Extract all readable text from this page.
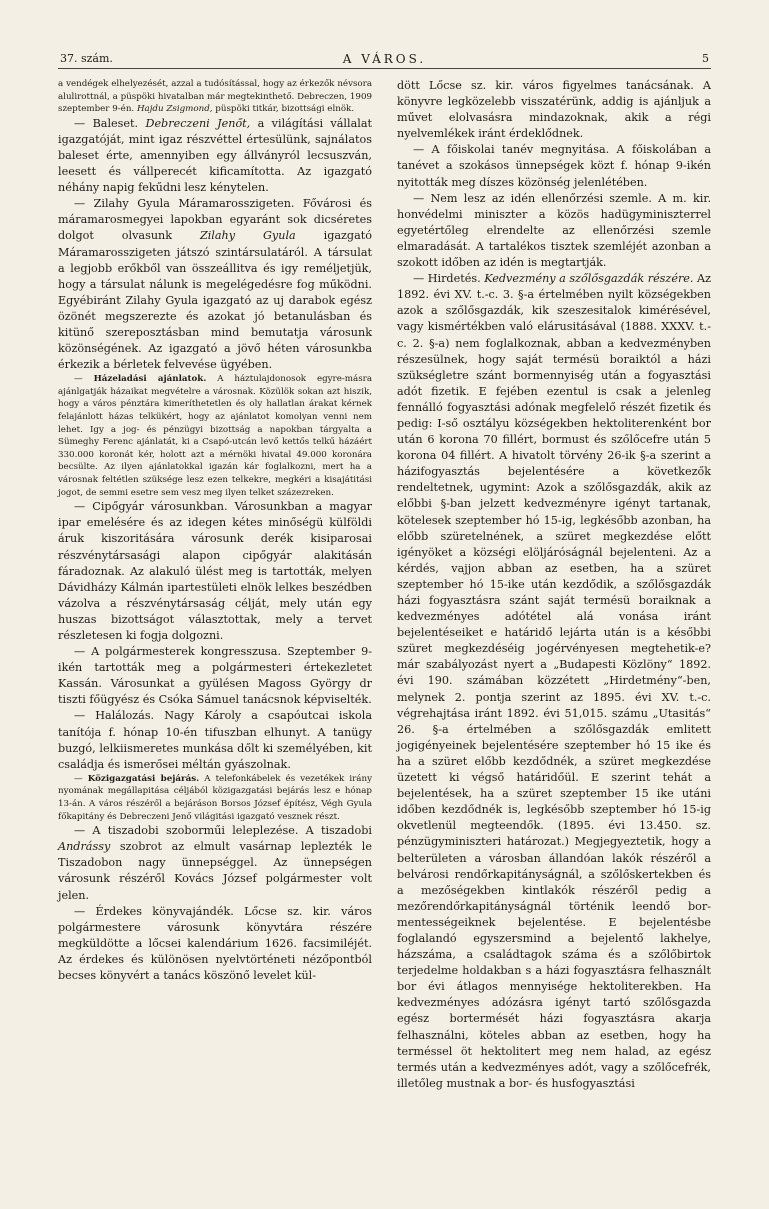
37. szám.	A VÁROS.	5

a vendégek elhelyezését, azzal a tudósítással, hogy az érkezők névsora alulirottnál, a püspöki hivatalban már megtekinthető. Debreczen, 1909 szeptember 9-én. Hajdu Zsigmond, püspöki titkár, bizottsági elnök.

— Baleset. Debreczeni Jenőt, a világítási vállalat igazgatóját, mint igaz részvéttel értesülünk, sajnálatos baleset érte, amennyiben egy állványról lecsuszván, leesett és vállperecét kificamította. Az igazgató néhány napig fekűdni lesz kénytelen.

— Zilahy Gyula Máramarosszigeten. Fővárosi és máramarosmegyei lapokban egyaránt sok dicséretes dolgot olvasunk Zilahy Gyula igazgató Máramarosszigeten játszó szintársulatáról. A társulat a legjobb erőkből van összeállitva és igy reméljetjük, hogy a társulat nálunk is megelégedésre fog működni. Egyébiránt Zilahy Gyula igazgató az uj darabok egész özönét megszerezte és azokat jó betanulásban és kitünő szereposztásban mind bemutatja városunk közönségének. Az igazgató a jövő héten városunkba érkezik a bérletek felvevése ügyében.

— Házeladási ajánlatok. A háztulajdonosok egyre-másra ajánlgatják házaikat megvételre a városnak. Közülök sokan azt hiszik, hogy a város pénztára kimeríthetetlen és oly hallatlan árakat kérnek felajánlott házas telkükért, hogy az ajánlatot komolyan venni nem lehet. Igy a jog- és pénzügyi bizottság a napokban tárgyalta a Sümeghy Ferenc ajánlatát, ki a Csapó-utcán levő kettős telkű házáért 330.000 koronát kér, holott azt a mérnöki hivatal 49.000 koronára becsülte. Az ilyen ajánlatokkal igazán kár foglalkozni, mert ha a városnak feltétlen szüksége lesz ezen telkekre, megkéri a kisajátitási jogot, de semmi esetre sem vesz meg ilyen telket százezreken.

— Cipőgyár városunkban. Városunkban a magyar ipar emelésére és az idegen kétes minőségü külföldi áruk kiszoritására városunk derék kisiparosai részvénytársasági alapon cipőgyár alakitásán fáradoznak. Az alakuló ülést meg is tartották, melyen Dávidházy Kálmán ipartestületi elnök lelkes beszédben vázolva a részvénytársaság célját, mely után egy huszas bizottságot választottak, mely a tervet részletesen ki fogja dolgozni.

— A polgármesterek kongresszusa. Szeptember 9-ikén tartották meg a polgármesteri értekezletet Kassán. Városunkat a gyülésen Magoss György dr tiszti főügyész és Csóka Sámuel tanácsnok képviselték.

— Halálozás. Nagy Károly a csapóutcai iskola tanítója f. hónap 10-én tifuszban elhunyt. A tanügy buzgó, lelkiismeretes munkása dőlt ki személyében, kit családja és ismerősei méltán gyászolnak.

— Közigazgatási bejárás. A telefonkábelek és vezetékek irány nyomának megállapitása céljából közigazgatási bejárás lesz e hónap 13-án. A város részéről a bejáráson Borsos József építész, Végh Gyula főkapitány és Debreczeni Jenő világitási igazgató vesznek részt.

— A tiszadobi szoborműi leleplezése. A tiszadobi Andrássy szobrot az elmult vasárnap leplezték le Tiszadobon nagy ünnepséggel. Az ünnepségen városunk részéről Kovács József polgármester volt jelen.

— Érdekes könyvajándék. Lőcse sz. kir. város polgármestere városunk könyvtára részére megküldötte a lőcsei kalendárium 1626. facsimiléjét. Az érdekes és különösen nyelvtörténeti nézőpontból becses könyvért a tanács köszönő levelet kül-

dött Lőcse sz. kir. város figyelmes tanácsának. A könyvre legközelebb visszatérünk, addig is ajánljuk a művet elolvasásra mindazoknak, akik a régi nyelvemlékek iránt érdeklődnek.

— A főiskolai tanév megnyitása. A főiskolában a tanévet a szokásos ünnepségek közt f. hónap 9-ikén nyitották meg díszes közönség jelenlétében.

— Nem lesz az idén ellenőrzési szemle. A m. kir. honvédelmi miniszter a közös hadügyminiszterrel egyetértőleg elrendelte az ellenőrzési szemle elmaradását. A tartalékos tisztek szemléjét azonban a szokott időben az idén is megtartják.

— Hirdetés. Kedvezmény a szőlősgazdák részére. Az 1892. évi XV. t.-c. 3. §-a értelmében nyilt községekben azok a szőlősgazdák, kik szeszesitalok kimérésével, vagy kismértékben való elárusitásával (1888. XXXV. t.-c. 2. §-a) nem foglalkoznak, abban a kedvezményben részesülnek, hogy saját termésü boraiktól a házi szükségletre szánt bormennyiség után a fogyasztási adót fizetik. E fejében ezentul is csak a jelenleg fennálló fogyasztási adónak megfelelő részét fizetik és pedig: I-ső osztályu községekben hektoliterenként bor után 6 korona 70 fillért, bormust és szőlőcefre után 5 korona 04 fillért. A hivatolt törvény 26-ik §-a szerint a házifogyasztás bejelentésére a következők rendeltetnek, ugymint: Azok a szőlősgazdák, akik az előbbi §-ban jelzett kedvezményre igényt tartanak, kötelesek szeptember hó 15-ig, legkésőbb azonban, ha előbb szüretelnének, a szüret megkezdése előtt igényöket a községi elöljáróságnál bejelenteni. Az a kérdés, vajjon abban az esetben, ha a szüret szeptember hó 15-ike után kezdődik, a szőlősgazdák házi fogyasztásra szánt saját termésü boraiknak a kedvezményes adótétel alá vonása iránt bejelentéseiket e határidő lejárta után is a későbbi szüret megkezdéséig jogérvényesen megtehetik-e? már szabályozást nyert a „Budapesti Közlöny“ 1892. évi 190. számában közzétett „Hirdetmény“-ben, melynek 2. pontja szerint az 1895. évi XV. t.-c. végrehajtása iránt 1892. évi 51,015. számu „Utasitás“ 26. §-a értelmében a szőlősgazdák emlitett jogigényeinek bejelentésére szeptember hó 15 ike és ha a szüret előbb kezdődnék, a szüret megkezdése üzetett ki végső határidőül. E szerint tehát a bejelentések, ha a szüret szeptember 15 ike utáni időben kezdődnék is, legkésőbb szeptember hó 15-ig okvetlenül megteendők. (1895. évi 13.450. sz. pénzügyminiszteri határozat.) Megjegyeztetik, hogy a belterületen a városban állandóan lakók részéről a belvárosi rendőrkapitányságnál, a szőlőskertekben és a mezőségekben kintlakók részéről pedig a mezőrendőrkapitányságnál történik leendő bor-mentességeiknek bejelentése. E bejelentésbe foglalandó egyszersmind a bejelentő lakhelye, házszáma, a családtagok száma és a szőlőbirtok terjedelme holdakban s a házi fogyasztásra felhasznált bor évi átlagos mennyisége hektoliterekben. Ha kedvezményes adózásra igényt tartó szőlősgazda egész bortermését házi fogyasztásra akarja felhasználni, köteles abban az esetben, hogy ha terméssel öt hektolitert meg nem halad, az egész termés után a kedvezményes adót, vagy a szőlőcefrék, illetőleg mustnak a bor- és husfogyasztási
